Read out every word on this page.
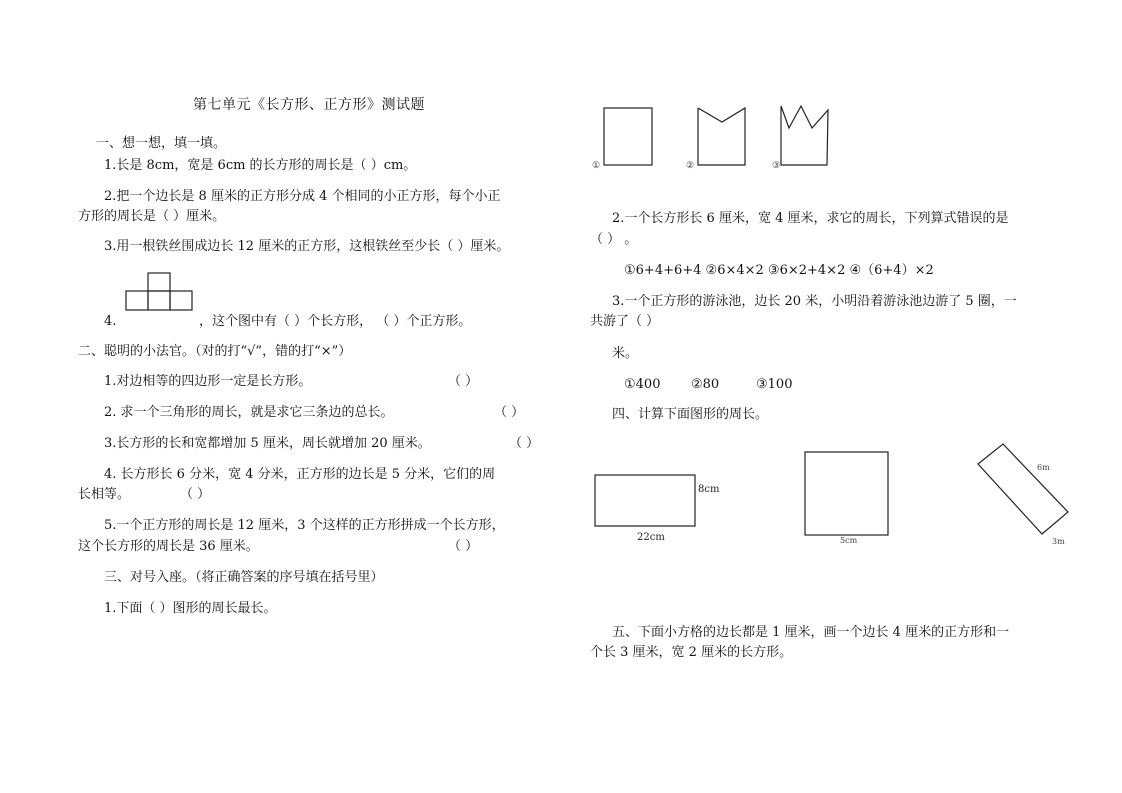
第七单元《长方形、正方形》测试题
一、想一想，填一填。
1.长是 8cm，宽是 6cm 的长方形的周长是（ ）cm。
2.把一个边长是 8 厘米的正方形分成 4 个相同的小正方形，每个小正
方形的周长是（ ）厘米。
3.用一根铁丝围成边长 12 厘米的正方形，这根铁丝至少长（ ）厘米。
4.	，这个图中有（ ）个长方形， （ ）个正方形。
二、聪明的小法官。（对的打“√”，错的打“×”）
1.对边相等的四边形一定是长方形。	（ ）
2. 求一个三角形的周长，就是求它三条边的总长。	（ ）
3.长方形的长和宽都增加 5 厘米，周长就增加 20 厘米。	（ ）
4. 长方形长 6 分米，宽 4 分米，正方形的边长是 5 分米，它们的周
长相等。	（ ）
5.一个正方形的周长是 12 厘米，3 个这样的正方形拼成一个长方形，
这个长方形的周长是 36 厘米。	（ ）
三、对号入座。（将正确答案的序号填在括号里）
1.下面（ ）图形的周长最长。
①	②	③
2.一个长方形长 6 厘米，宽 4 厘米，求它的周长，下列算式错误的是
（ ） 。
①6+4+6+4 ②6×4×2 ③6×2+4×2 ④（6+4）×2
3.一个正方形的游泳池，边长 20 米，小明沿着游泳池边游了 5 圈，一
共游了（ ）
米。
①400 ②80	③100
四、计算下面图形的周长。
8cm
22cm	5cm
6m
3m
五、下面小方格的边长都是 1 厘米，画一个边长 4 厘米的正方形和一
个长 3 厘米，宽 2 厘米的长方形。
